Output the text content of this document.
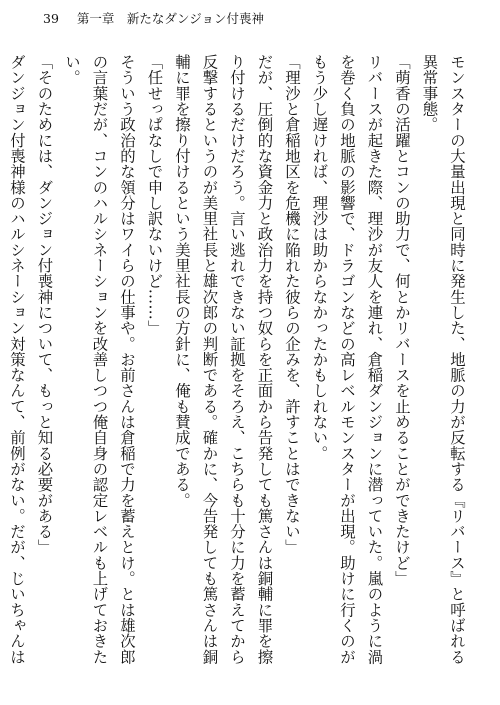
39 第一章　新たなダンジョン付喪神

モンスターの大量出現と同時に発生した、地脈の力が反転する『リバース』と呼ばれる異常事態。

「萌香の活躍とコンの助力で、何とかリバースを止めることができたけど」

リバースが起きた際、理沙が友人を連れ、倉稲ダンジョンに潜っていた。嵐のように渦を巻く負の地脈の影響で、ドラゴンなどの高レベルモンスターが出現。助けに行くのがもう少し遅ければ、理沙は助からなかったかもしれない。

「理沙と倉稲地区を危機に陥れた彼らの企みを、許すことはできない」

だが、圧倒的な資金力と政治力を持つ奴らを正面から告発しても篤さんは銅輔に罪を擦り付けるだけだろう。言い逃れできない証拠をそろえ、こちらも十分に力を蓄えてから反撃するというのが美里社長と雄次郎の判断である。確かに、今告発しても篤さんは銅輔に罪を擦り付けるという美里社長の方針に、俺も賛成である。

「任せっぱなしで申し訳ないけど……」

そういう政治的な領分はワイらの仕事や。お前さんは倉稲で力を蓄えとけ。とは雄次郎の言葉だが、コンのハルシネーションを改善しつつ俺自身の認定レベルも上げておきたい。

「そのためには、ダンジョン付喪神について、もっと知る必要がある」

ダンジョン付喪神様のハルシネーション対策なんて、前例がない。だが、じいちゃんは
